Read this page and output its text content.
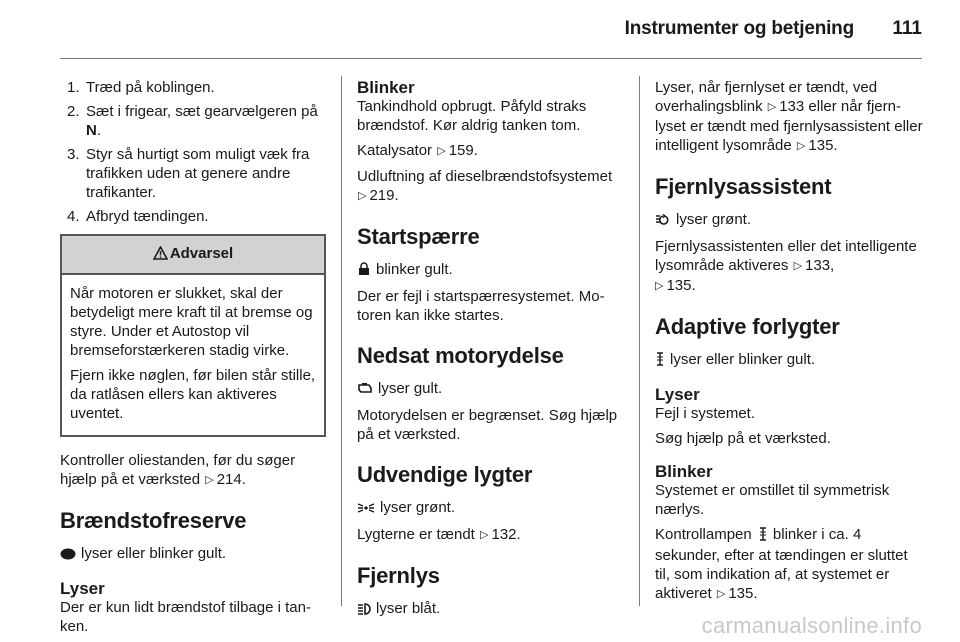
Instrumenter og betjening	111
1. Træd på koblingen.
2. Sæt i frigear, sæt gearvælgeren på N.
3. Styr så hurtigt som muligt væk fra trafikken uden at genere andre trafikanter.
4. Afbryd tændingen.
Advarsel
Når motoren er slukket, skal der betydeligt mere kraft til at bremse og styre. Under et Autostop vil bremseforstærkeren stadig virke.
Fjern ikke nøglen, før bilen står stille, da ratlåsen ellers kan aktiveres uventet.
Kontroller oliestanden, før du søger hjælp på et værksted ▷ 214.
Brændstofreserve
lyser eller blinker gult.
Lyser
Der er kun lidt brændstof tilbage i tanken.
Blinker
Tankindhold opbrugt. Påfyld straks brændstof. Kør aldrig tanken tom.
Katalysator ▷ 159.
Udluftning af dieselbrændstofsystemet ▷ 219.
Startspærre
blinker gult.
Der er fejl i startspærresystemet. Motoren kan ikke startes.
Nedsat motorydelse
lyser gult.
Motorydelsen er begrænset. Søg hjælp på et værksted.
Udvendige lygter
lyser grønt.
Lygterne er tændt ▷ 132.
Fjernlys
lyser blåt.
Lyser, når fjernlyset er tændt, ved overhalingsblink ▷ 133 eller når fjernlyset er tændt med fjernlysassistent eller intelligent lysområde ▷ 135.
Fjernlysassistent
lyser grønt.
Fjernlysassistenten eller det intelligente lysområde aktiveres ▷ 133,
▷ 135.
Adaptive forlygter
lyser eller blinker gult.
Lyser
Fejl i systemet.
Søg hjælp på et værksted.
Blinker
Systemet er omstillet til symmetrisk nærlys.
Kontrollampen blinker i ca. 4 sekunder, efter at tændingen er sluttet til, som indikation af, at systemet er aktiveret ▷ 135.
carmanualsonline.info
